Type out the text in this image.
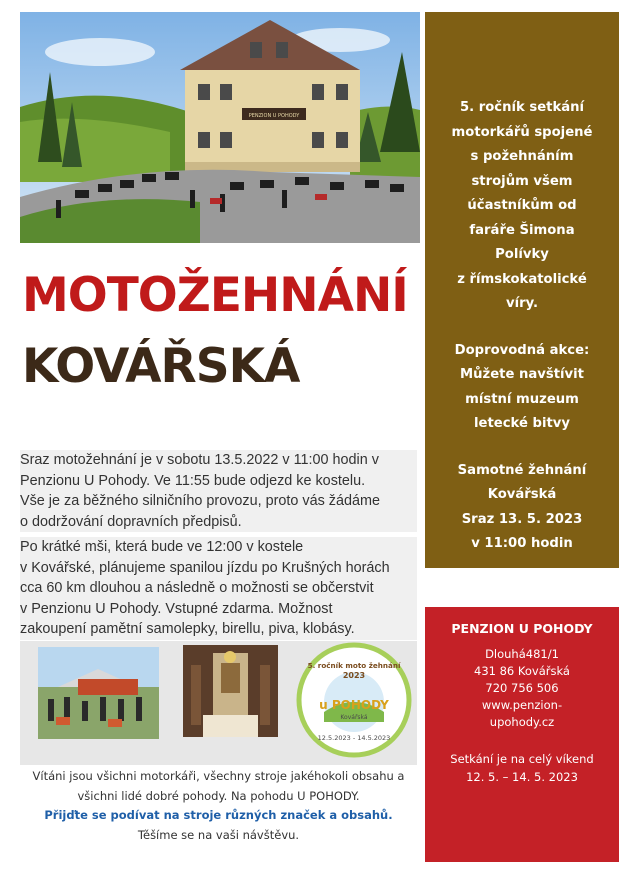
PENZION U POHODY

5. ročník setkání
motorkářů spojené
s požehnáním
strojům všem
účastníkům od
faráře Šimona
Polívky
z římskokatolické
víry.

Doprovodná akce:
Můžete navštívit
místní muzeum
letecké bitvy

Samotné žehnání
Kovářská
Sraz 13. 5. 2023
v 11:00 hodin

MOTOŽEHNÁNÍ
KOVÁŘSKÁ
Sraz motožehnání je v sobotu 13.5.2022 v 11:00 hodin v
Penzionu U Pohody. Ve 11:55 bude odjezd ke kostelu.
Vše je za běžného silničního provozu, proto vás žádáme
o dodržování dopravních předpisů.
Po krátké mši, která bude ve 12:00 v kostele
v Kovářské, plánujeme spanilou jízdu po Krušných horách
cca 60 km dlouhou a následně o možnosti se občerstvit
v Penzionu U Pohody. Vstupné zdarma. Možnost
zakoupení pamětní samolepky, birellu, piva, klobásy.
5. ročník moto žehnání
2023
u POHODY
Kovářská
12.5.2023 - 14.5.2023
Vítáni jsou všichni motorkáři, všechny stroje jakéhokoli obsahu a
všichni lidé dobré pohody. Na pohodu U POHODY.
Přijďte se podívat na stroje různých značek a obsahů.
Těšíme se na vaši návštěvu.
PENZION U POHODY
Dlouhá481/1
431 86 Kovářská
720 756 506
www.penzion-
upohody.cz
Setkání je na celý víkend
12. 5. – 14. 5. 2023
